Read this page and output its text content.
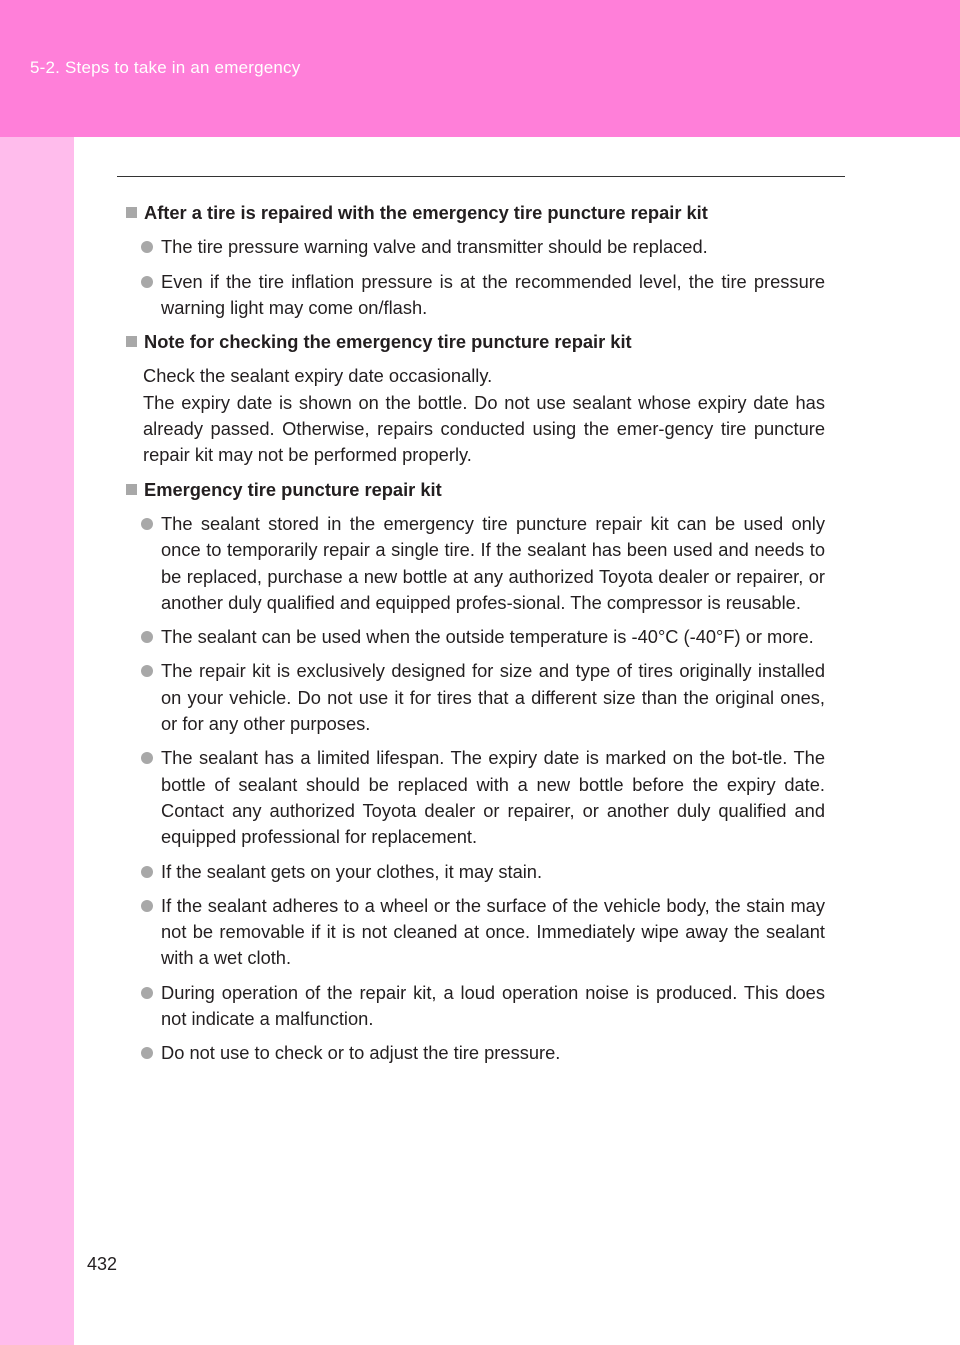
5-2. Steps to take in an emergency
432
After a tire is repaired with the emergency tire puncture repair kit
The tire pressure warning valve and transmitter should be replaced.
Even if the tire inflation pressure is at the recommended level, the tire pressure warning light may come on/flash.
Note for checking the emergency tire puncture repair kit
Check the sealant expiry date occasionally.
The expiry date is shown on the bottle. Do not use sealant whose expiry date has already passed. Otherwise, repairs conducted using the emer-gency tire puncture repair kit may not be performed properly.
Emergency tire puncture repair kit
The sealant stored in the emergency tire puncture repair kit can be used only once to temporarily repair a single tire. If the sealant has been used and needs to be replaced, purchase a new bottle at any authorized Toyota dealer or repairer, or another duly qualified and equipped profes-sional. The compressor is reusable.
The sealant can be used when the outside temperature is -40°C (-40°F) or more.
The repair kit is exclusively designed for size and type of tires originally installed on your vehicle. Do not use it for tires that a different size than the original ones, or for any other purposes.
The sealant has a limited lifespan. The expiry date is marked on the bot-tle. The bottle of sealant should be replaced with a new bottle before the expiry date. Contact any authorized Toyota dealer or repairer, or another duly qualified and equipped professional for replacement.
If the sealant gets on your clothes, it may stain.
If the sealant adheres to a wheel or the surface of the vehicle body, the stain may not be removable if it is not cleaned at once. Immediately wipe away the sealant with a wet cloth.
During operation of the repair kit, a loud operation noise is produced. This does not indicate a malfunction.
Do not use to check or to adjust the tire pressure.
